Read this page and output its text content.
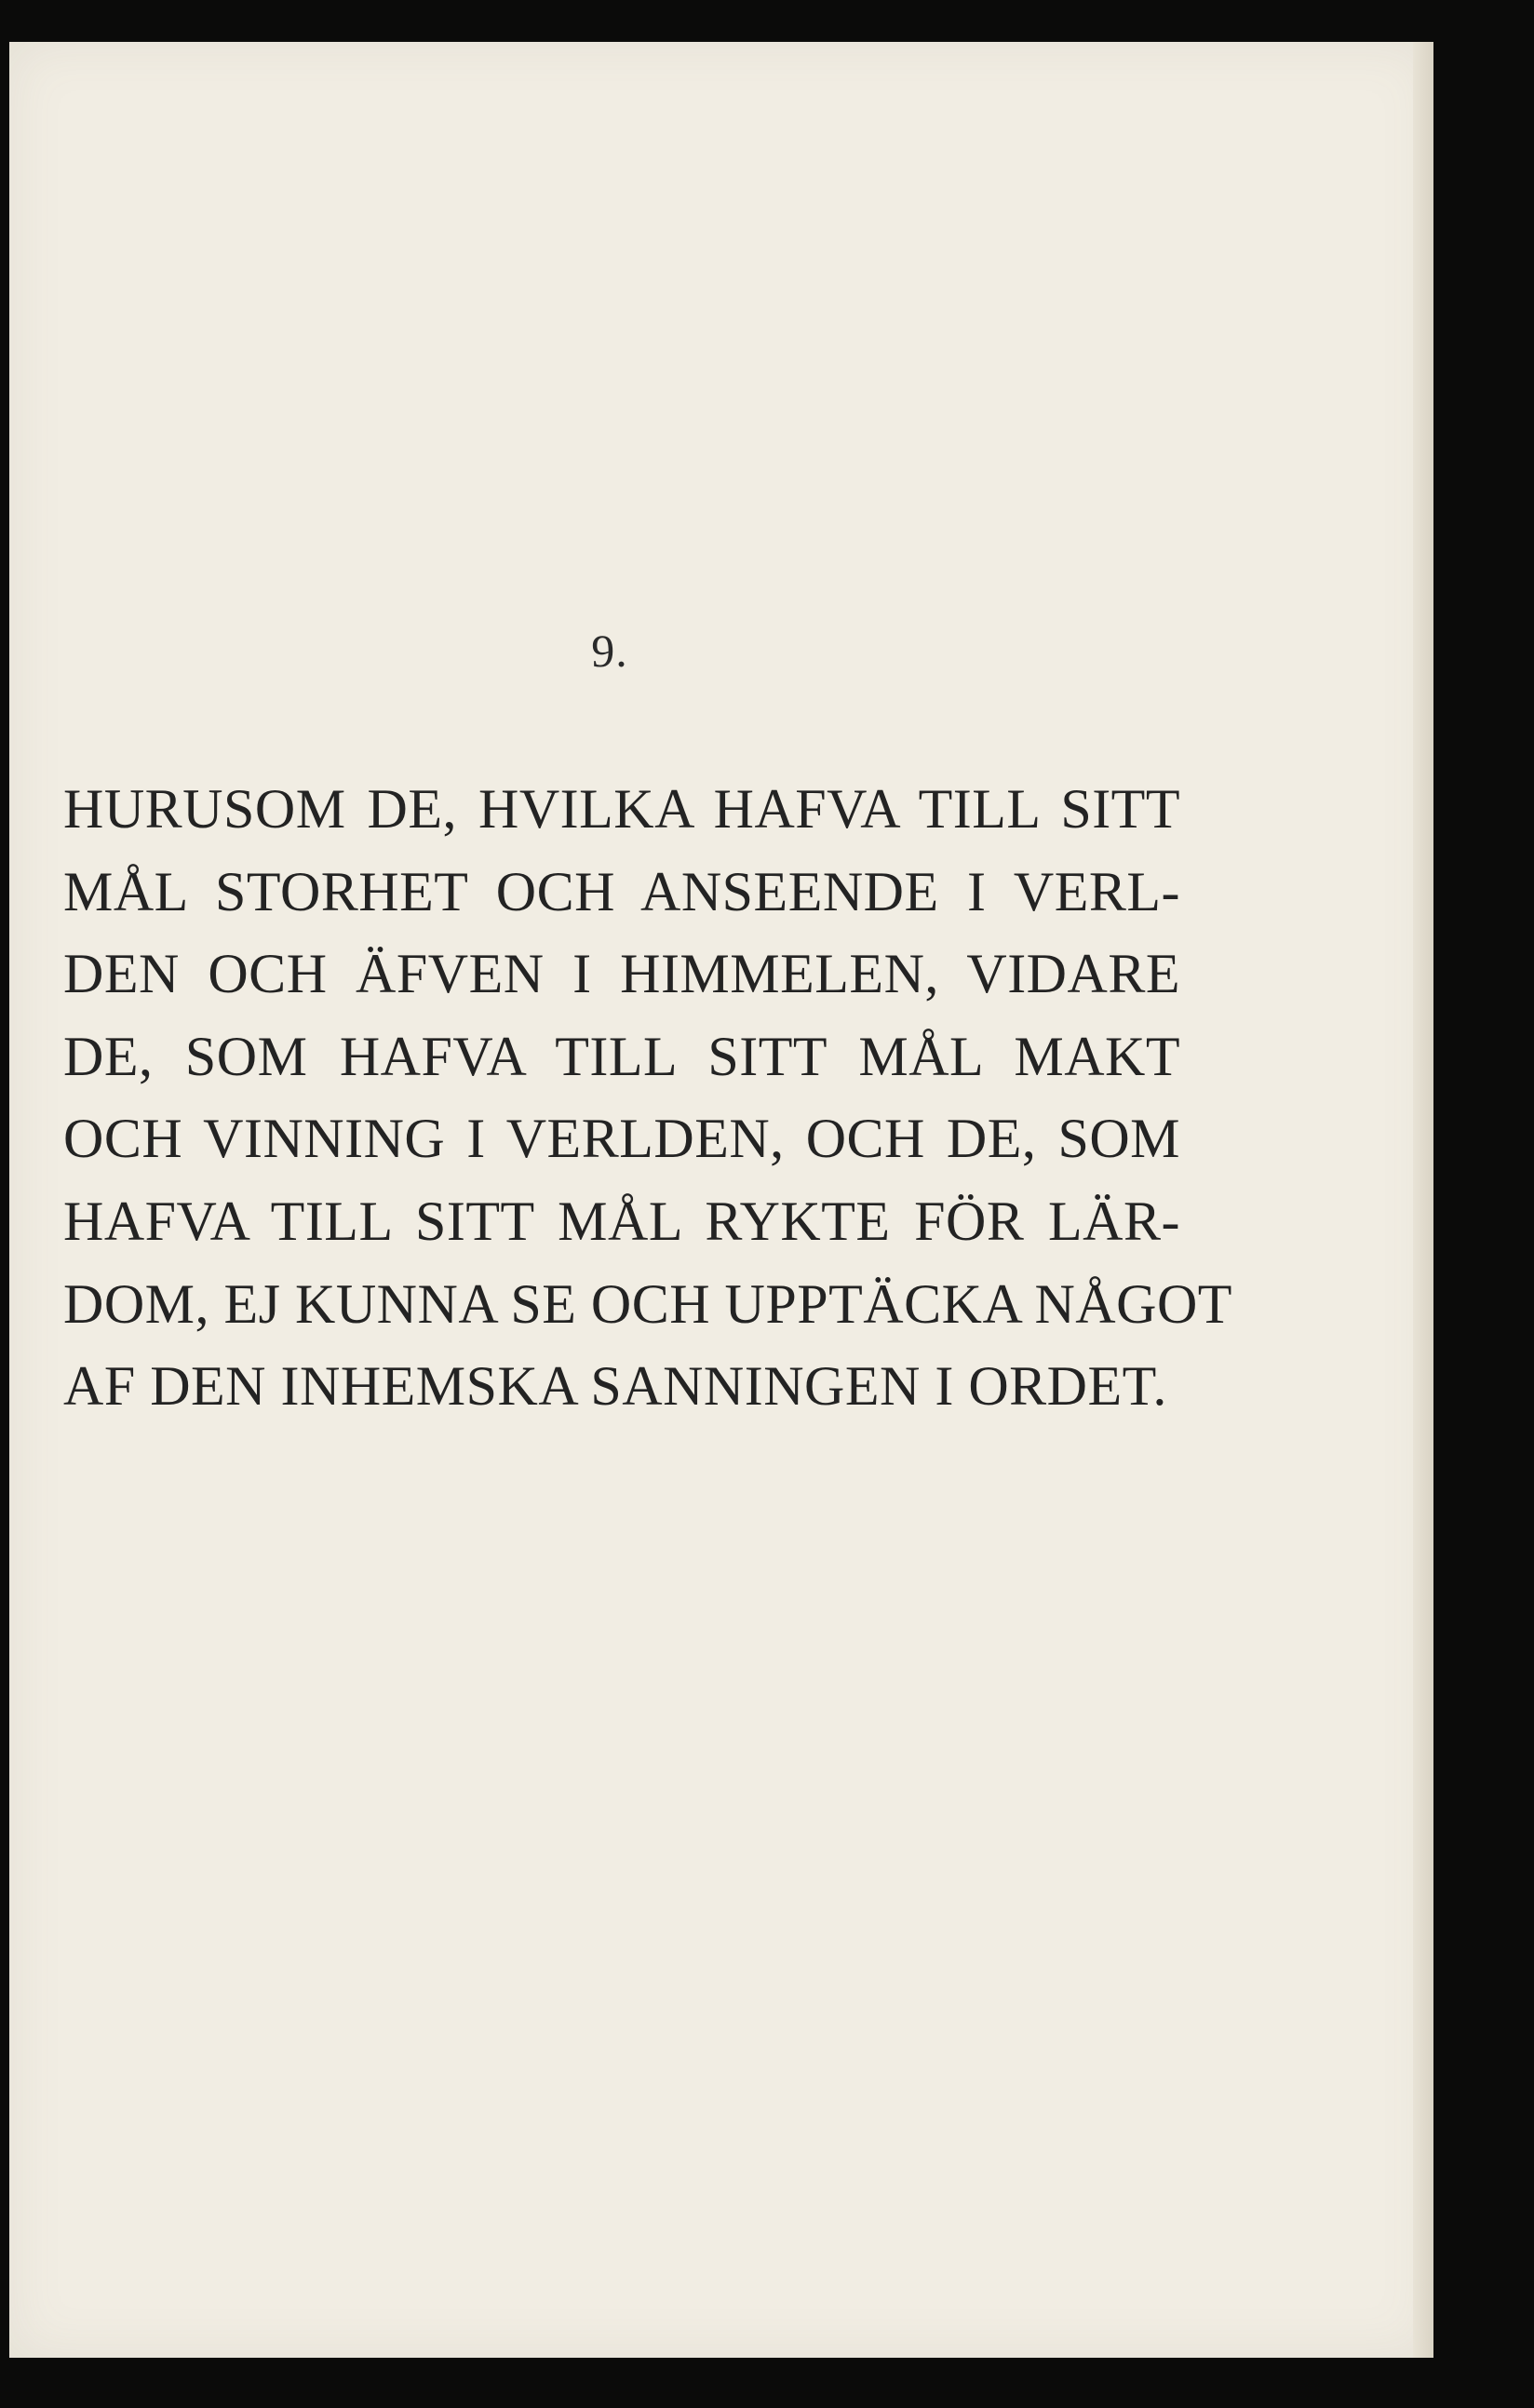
9.
HURUSOM DE, HVILKA HAFVA TILL SITT
MÅL STORHET OCH ANSEENDE I VERL-
DEN OCH ÄFVEN I HIMMELEN, VIDARE
DE, SOM HAFVA TILL SITT MÅL MAKT
OCH VINNING I VERLDEN, OCH DE, SOM
HAFVA TILL SITT MÅL RYKTE FÖR LÄR-
DOM, EJ KUNNA SE OCH UPPTÄCKA NÅGOT
AF DEN INHEMSKA SANNINGEN I ORDET.
